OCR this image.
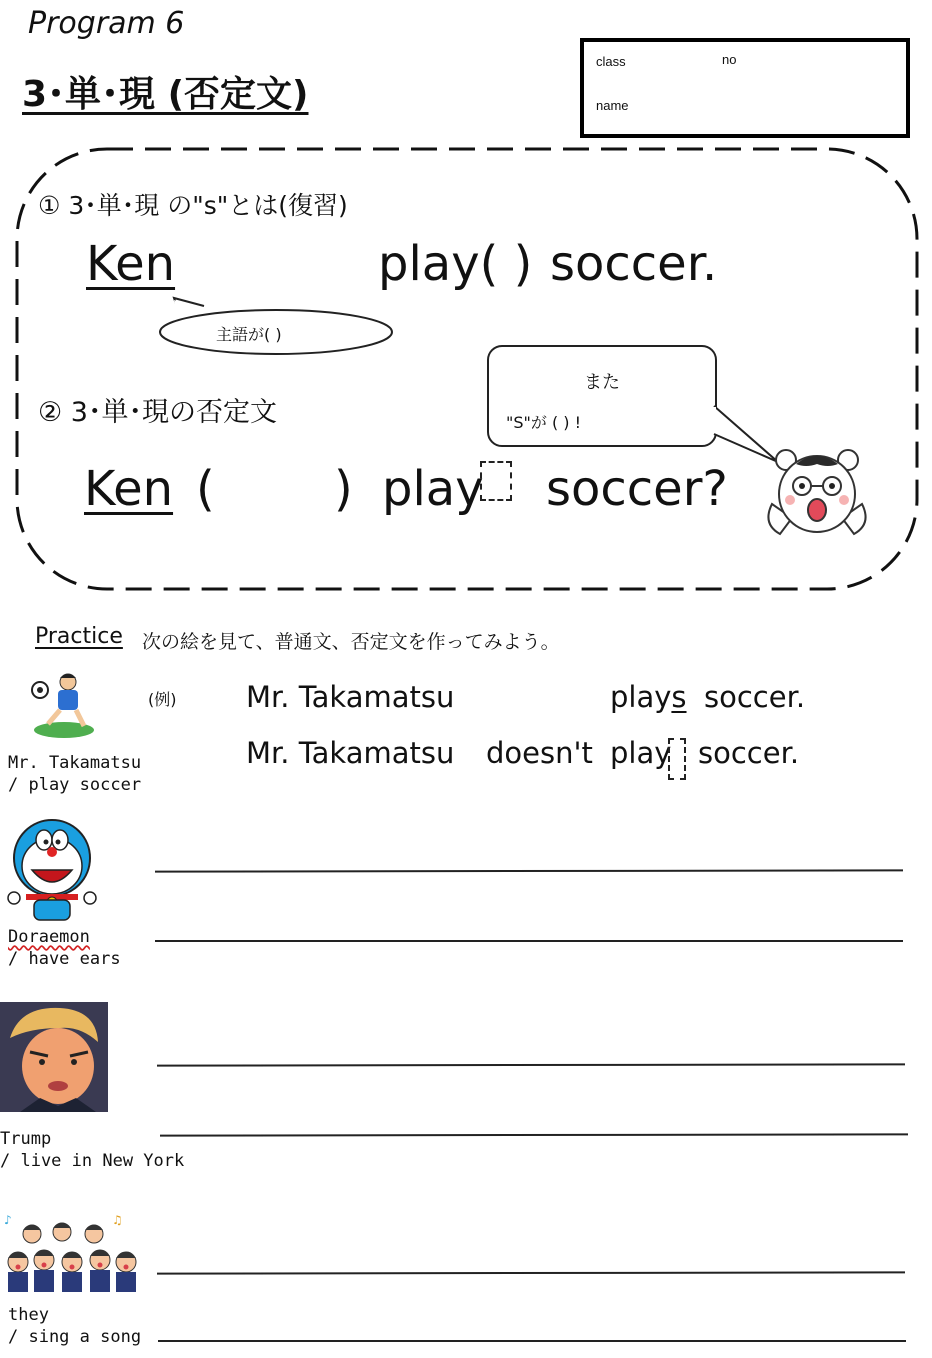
Program 6
3･単･現 (否定文)
class	no
name
① 3･単･現 の"s"とは(復習)
Ken	play( ) soccer.
主語が( )
② 3･単･現の否定文
Ken ( ) play soccer?
また
"S"が ( ) !
Practice 次の絵を見て、普通文、否定文を作ってみよう。
Mr. Takamatsu
/ play soccer
(例) Mr. Takamatsu	plays soccer.
Mr. Takamatsu doesn't play soccer.
Doraemon
/ have ears
Trump
/ live in New York
♪	♫
they
/ sing a song
